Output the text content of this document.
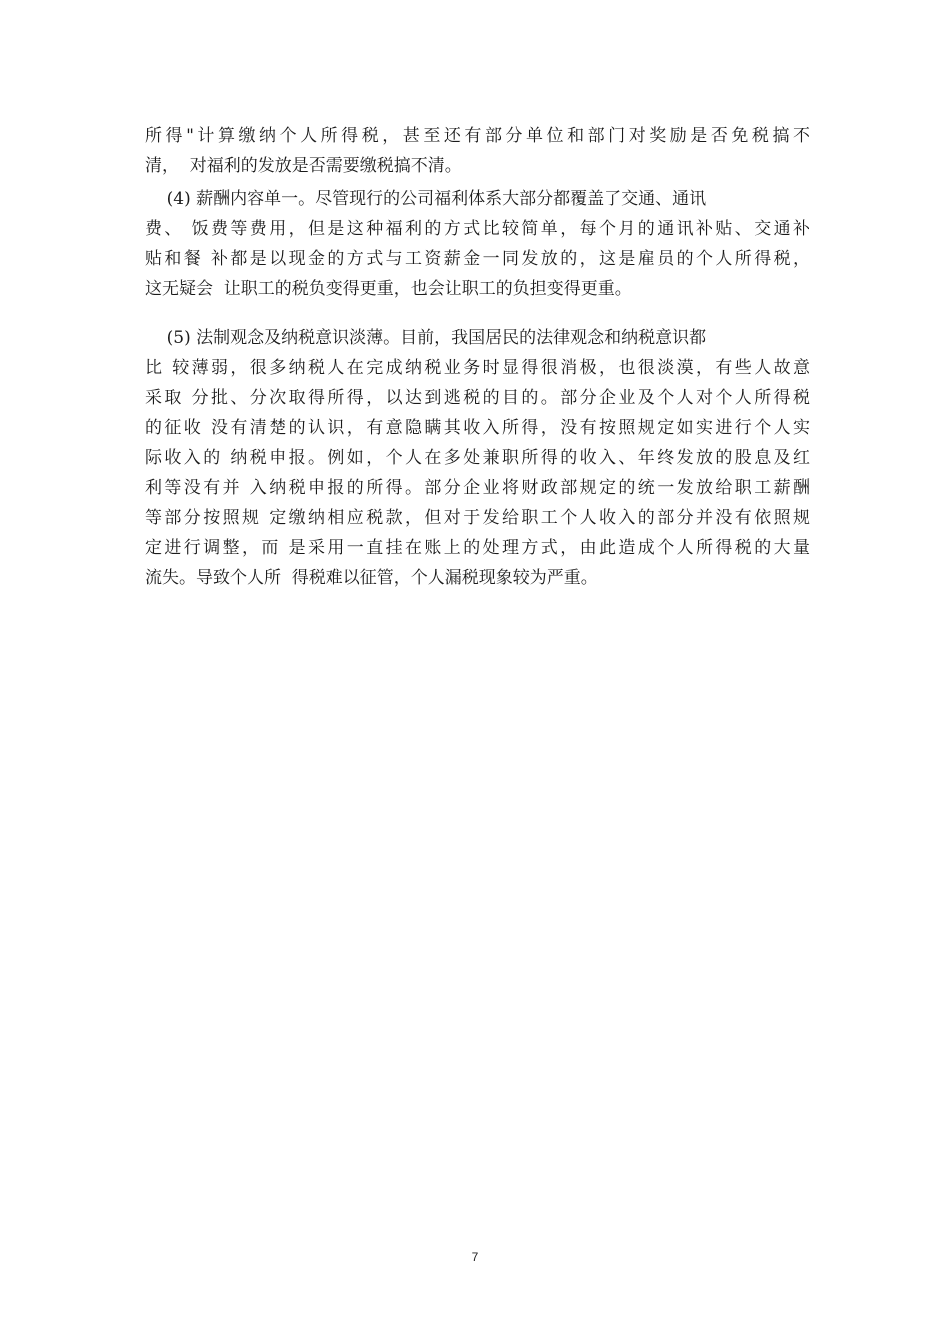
所得"计算缴纳个人所得税，甚至还有部分单位和部门对奖励是否免税搞不
清，  对福利的发放是否需要缴税搞不清。
(4) 薪酬内容单一。尽管现行的公司福利体系大部分都覆盖了交通、通讯
费、 饭费等费用，但是这种福利的方式比较简单，每个月的通讯补贴、交通补
贴和餐 补都是以现金的方式与工资薪金一同发放的，这是雇员的个人所得税，
这无疑会  让职工的税负变得更重，也会让职工的负担变得更重。
(5) 法制观念及纳税意识淡薄。目前，我国居民的法律观念和纳税意识都
比 较薄弱，很多纳税人在完成纳税业务时显得很消极，也很淡漠，有些人故意
采取 分批、分次取得所得，以达到逃税的目的。部分企业及个人对个人所得税
的征收 没有清楚的认识，有意隐瞒其收入所得，没有按照规定如实进行个人实
际收入的 纳税申报。例如，个人在多处兼职所得的收入、年终发放的股息及红
利等没有并 入纳税申报的所得。部分企业将财政部规定的统一发放给职工薪酬
等部分按照规 定缴纳相应税款，但对于发给职工个人收入的部分并没有依照规
定进行调整，而 是采用一直挂在账上的处理方式，由此造成个人所得税的大量
流失。导致个人所  得税难以征管，个人漏税现象较为严重。
7
